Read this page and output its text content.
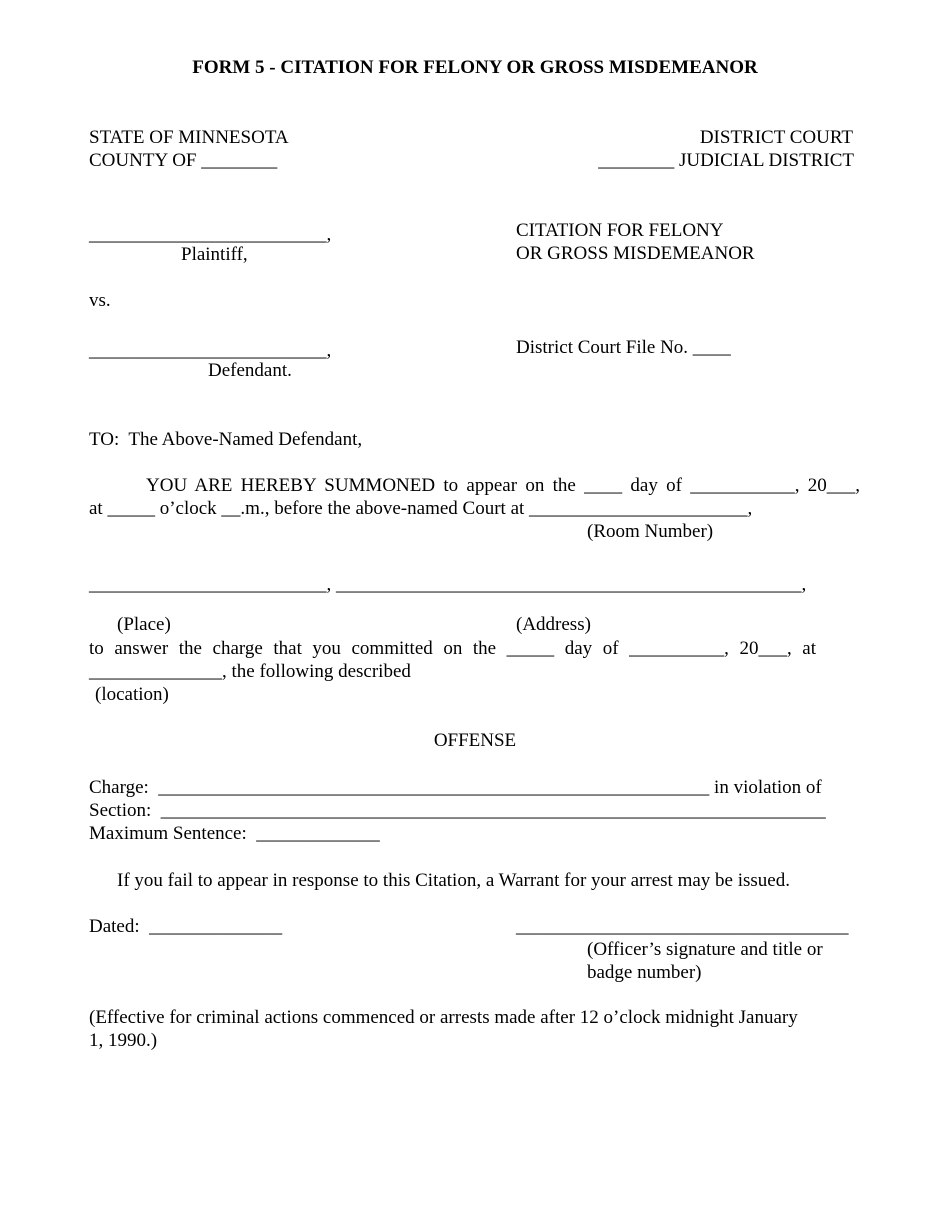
FORM 5 - CITATION FOR FELONY OR GROSS MISDEMEANOR
STATE OF MINNESOTA
COUNTY OF ________
DISTRICT COURT
________ JUDICIAL DISTRICT
_________________________,
Plaintiff,
CITATION FOR FELONY
OR GROSS MISDEMEANOR
vs.
_________________________,
Defendant.
District Court File No. ____
TO:  The Above-Named Defendant,
YOU ARE HEREBY SUMMONED to appear on the ____ day of ___________, 20___,
at _____ o’clock __.m., before the above-named Court at _______________________,
(Room Number)
_________________________, _________________________________________________,
(Place)	(Address)
to answer the charge that you committed on the _____ day of __________, 20___, at
______________, the following described
(location)
OFFENSE
Charge:  __________________________________________________________ in violation of
Section:  ______________________________________________________________________
Maximum Sentence:  _____________
If you fail to appear in response to this Citation, a Warrant for your arrest may be issued.
Dated:  ______________	___________________________________
(Officer’s signature and title or
badge number)
(Effective for criminal actions commenced or arrests made after 12 o’clock midnight January
1, 1990.)
